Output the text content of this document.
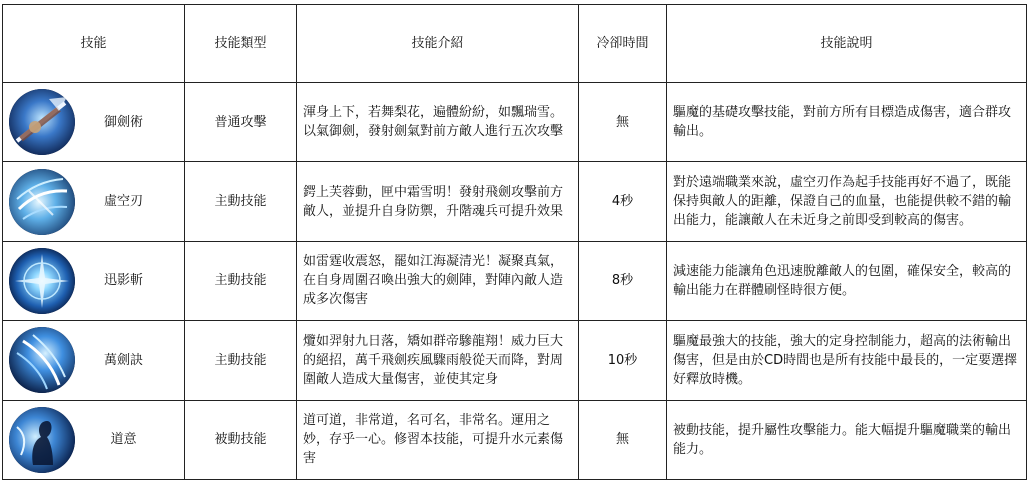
技能	技能類型	技能介紹	冷卻時間	技能說明

御劍術	普通攻擊	渾身上下，若舞梨花，遍體紛紛，如飄瑞雪。以氣御劍，發射劍氣對前方敵人進行五次攻擊	無	驅魔的基礎攻擊技能，對前方所有目標造成傷害，適合群攻輸出。

虛空刃	主動技能	鍔上芙蓉動，匣中霜雪明！發射飛劍攻擊前方敵人，並提升自身防禦，升階魂兵可提升效果	4秒	對於遠端職業來說，虛空刃作為起手技能再好不過了，既能保持與敵人的距離，保證自己的血量，也能提供較不錯的輸出能力，能讓敵人在未近身之前即受到較高的傷害。

迅影斬	主動技能	如雷霆收震怒，罷如江海凝清光！凝聚真氣，在自身周圍召喚出強大的劍陣，對陣內敵人造成多次傷害	8秒	減速能力能讓角色迅速脫離敵人的包圍，確保安全，較高的輸出能力在群體刷怪時很方便。

萬劍訣	主動技能	爦如羿射九日落，矯如群帝驂龍翔！威力巨大的絕招，萬千飛劍疾風驟雨般從天而降，對周圍敵人造成大量傷害，並使其定身	10秒	驅魔最強大的技能，強大的定身控制能力，超高的法術輸出傷害，但是由於CD時間也是所有技能中最長的，一定要選擇好釋放時機。

道意	被動技能	道可道，非常道，名可名，非常名。運用之妙，存乎一心。修習本技能，可提升水元素傷害	無	被動技能，提升屬性攻擊能力。能大幅提升驅魔職業的輸出能力。
